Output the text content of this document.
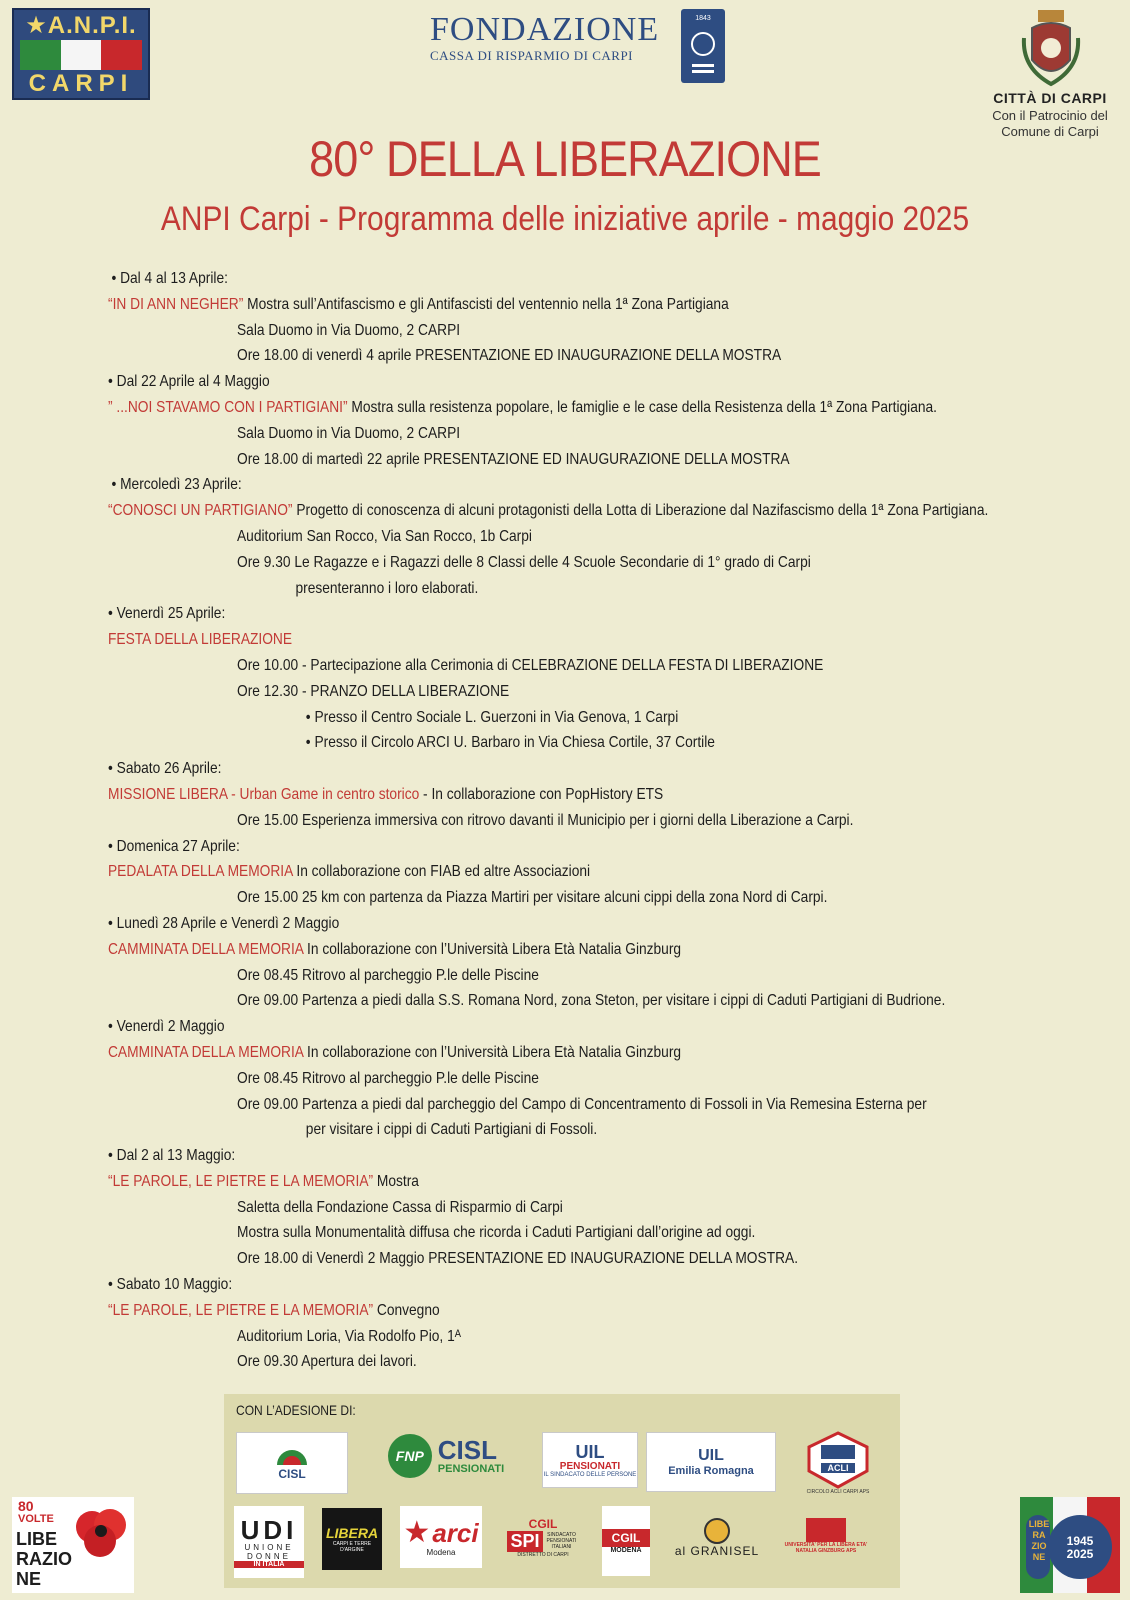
★A.N.P.I.
CARPI
FONDAZIONE
CASSA DI RISPARMIO DI CARPI
1843
CITTÀ DI CARPI
Con il Patrocinio del Comune di Carpi
80° DELLA LIBERAZIONE
ANPI Carpi - Programma delle iniziative aprile - maggio 2025
• Dal 4 al 13 Aprile:
“IN DI ANN NEGHER” Mostra sull’Antifascismo e gli Antifascisti del ventennio nella 1ª Zona Partigiana
Sala Duomo in Via Duomo, 2 CARPI
Ore 18.00 di venerdì 4 aprile PRESENTAZIONE ED INAUGURAZIONE DELLA MOSTRA
• Dal 22 Aprile al 4 Maggio
” ...NOI STAVAMO CON I PARTIGIANI” Mostra sulla resistenza popolare, le famiglie e le case della Resistenza della 1ª Zona Partigiana.
Sala Duomo in Via Duomo, 2 CARPI
Ore 18.00 di martedì 22 aprile PRESENTAZIONE ED INAUGURAZIONE DELLA MOSTRA
• Mercoledì 23 Aprile:
“CONOSCI UN PARTIGIANO” Progetto di conoscenza di alcuni protagonisti della Lotta di Liberazione dal Nazifascismo della 1ª Zona Partigiana.
Auditorium San Rocco, Via San Rocco, 1b Carpi
Ore 9.30 Le Ragazze e i Ragazzi delle 8 Classi delle 4 Scuole Secondarie di 1° grado di Carpi
presenteranno i loro elaborati.
• Venerdì 25 Aprile:
FESTA DELLA LIBERAZIONE
Ore 10.00 - Partecipazione alla Cerimonia di CELEBRAZIONE DELLA FESTA DI LIBERAZIONE
Ore 12.30 - PRANZO DELLA LIBERAZIONE
• Presso il Centro Sociale L. Guerzoni in Via Genova, 1 Carpi
• Presso il Circolo ARCI U. Barbaro in Via Chiesa Cortile, 37 Cortile
• Sabato 26 Aprile:
MISSIONE LIBERA - Urban Game in centro storico - In collaborazione con PopHistory ETS
Ore 15.00 Esperienza immersiva con ritrovo davanti il Municipio per i giorni della Liberazione a Carpi.
• Domenica 27 Aprile:
PEDALATA DELLA MEMORIA In collaborazione con FIAB ed altre Associazioni
Ore 15.00 25 km con partenza da Piazza Martiri per visitare alcuni cippi della zona Nord di Carpi.
• Lunedì 28 Aprile e Venerdì 2 Maggio
CAMMINATA DELLA MEMORIA In collaborazione con l’Università Libera Età Natalia Ginzburg
Ore 08.45 Ritrovo al parcheggio P.le delle Piscine
Ore 09.00 Partenza a piedi dalla S.S. Romana Nord, zona Steton, per visitare i cippi di Caduti Partigiani di Budrione.
• Venerdì 2 Maggio
CAMMINATA DELLA MEMORIA In collaborazione con l’Università Libera Età Natalia Ginzburg
Ore 08.45 Ritrovo al parcheggio P.le delle Piscine
Ore 09.00 Partenza a piedi dal parcheggio del Campo di Concentramento di Fossoli in Via Remesina Esterna per
per visitare i cippi di Caduti Partigiani di Fossoli.
• Dal 2 al 13 Maggio:
“LE PAROLE, LE PIETRE E LA MEMORIA” Mostra
Saletta della Fondazione Cassa di Risparmio di Carpi
Mostra sulla Monumentalità diffusa che ricorda i Caduti Partigiani dall’origine ad oggi.
Ore 18.00 di Venerdì 2 Maggio PRESENTAZIONE ED INAUGURAZIONE DELLA MOSTRA.
• Sabato 10 Maggio:
“LE PAROLE, LE PIETRE E LA MEMORIA” Convegno
Auditorium Loria, Via Rodolfo Pio, 1ᴬ
Ore 09.30 Apertura dei lavori.
CON L’ADESIONE DI:
CISL
FNP CISL
PENSIONATI
UIL
PENSIONATI
IL SINDACATO DELLE PERSONE
UIL
Emilia Romagna	ACLI
CIRCOLO ACLI CARPI APS
UDI
UNIONE
DONNE
IN ITALIA
LIBERA
CARPI E TERRE D'ARGINE
★ arci
Modena
CGIL
SPI	SINDACATO PENSIONATI ITALIANI
DISTRETTO DI CARPI
CGIL
MODENA	al GRANISEL	UNIVERSITA' PER LA LIBERA ETA'
NATALIA GINZBURG APS
80
VOLTE
LIBE
RAZIO
NE
LIBE
RA
ZIO
NE
1945
2025
